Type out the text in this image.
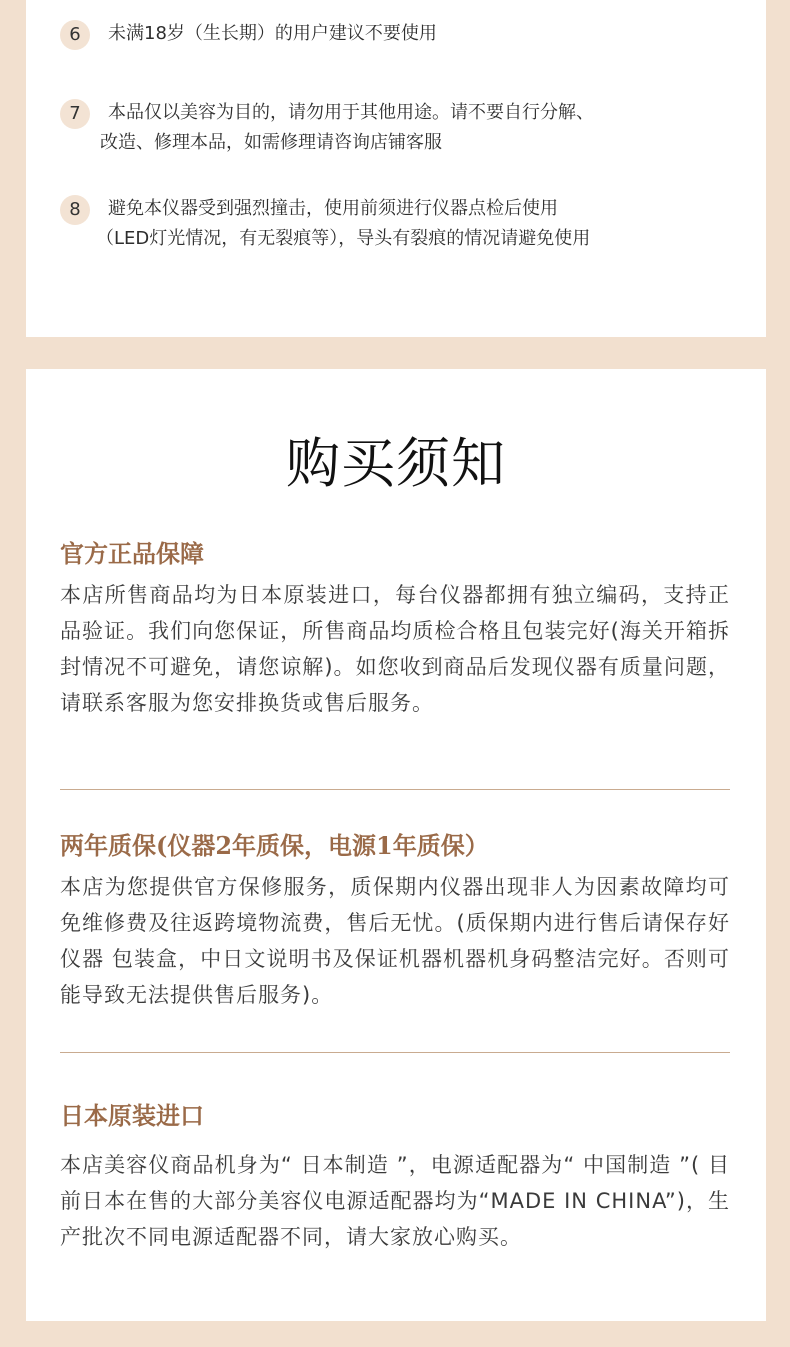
6	未满18岁（生长期）的用户建议不要使用
7	本品仅以美容为目的，请勿用于其他用途。请不要自行分解、
改造、修理本品，如需修理请咨询店铺客服
8	避免本仪器受到强烈撞击，使用前须进行仪器点检后使用
（LED灯光情况，有无裂痕等），导头有裂痕的情况请避免使用
购买须知
官方正品保障

本店所售商品均为日本原装进口，每台仪器都拥有独立编码，支持正品验证。我们向您保证，所售商品均质检合格且包装完好(海关开箱拆封情况不可避免，请您谅解)。如您收到商品后发现仪器有质量问题，请联系客服为您安排换货或售后服务。

两年质保(仪器2年质保，电源1年质保）

本店为您提供官方保修服务，质保期内仪器出现非人为因素故障均可免维修费及往返跨境物流费，售后无忧。(质保期内进行售后请保存好仪器 包装盒，中日文说明书及保证机器机器机身码整洁完好。否则可能导致无法提供售后服务)。

日本原装进口

本店美容仪商品机身为“ 日本制造 ”，电源适配器为“ 中国制造 ”( 目前日本在售的大部分美容仪电源适配器均为“MADE IN CHINA”)，生产批次不同电源适配器不同，请大家放心购买。
